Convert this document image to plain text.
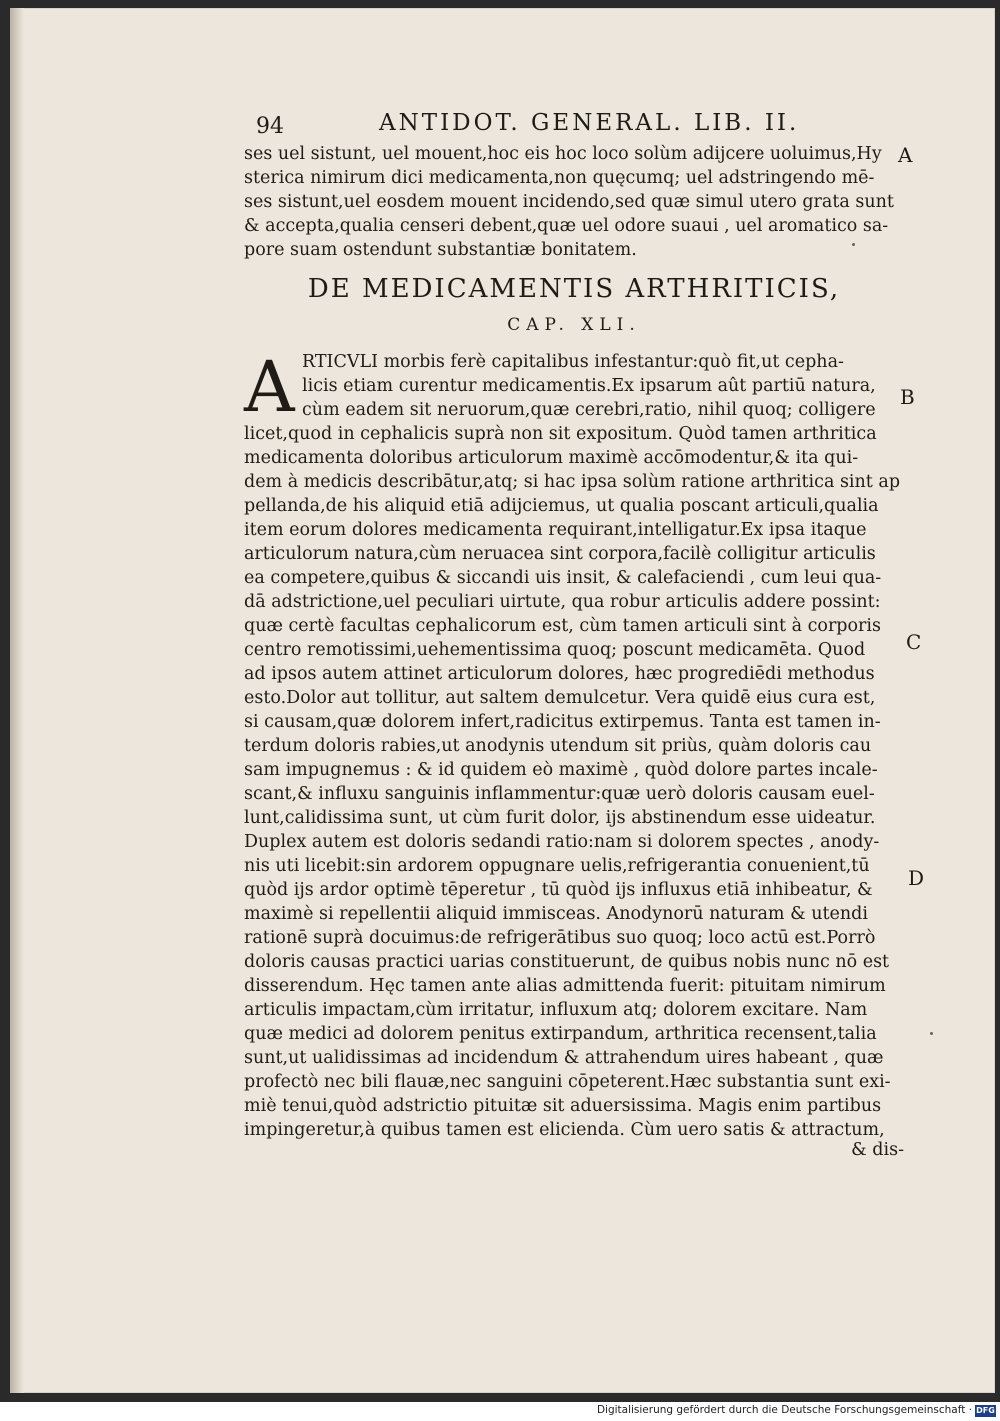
94	ANTIDOT. GENERAL. LIB. II.
ses uel sistunt, uel mouent,hoc eis hoc loco solùm adijcere uoluimus,Hy
sterica nimirum dici medicamenta,non quęcumq; uel adstringendo mē-
ses sistunt,uel eosdem mouent incidendo,sed quæ simul utero grata sunt
& accepta,qualia censeri debent,quæ uel odore suaui , uel aromatico sa-
pore suam ostendunt substantiæ bonitatem.
DE MEDICAMENTIS ARTHRITICIS,
CAP. XLI.
RTICVLI morbis ferè capitalibus infestantur:quò fit,ut cepha-
licis etiam curentur medicamentis.Ex ipsarum aût partiū natura,
cùm eadem sit neruorum,quæ cerebri,ratio, nihil quoq; colligere
licet,quod in cephalicis suprà non sit expositum. Quòd tamen arthritica
medicamenta doloribus articulorum maximè accōmodentur,& ita qui-
dem à medicis describātur,atq; si hac ipsa solùm ratione arthritica sint ap
pellanda,de his aliquid etiā adijciemus, ut qualia poscant articuli,qualia
item eorum dolores medicamenta requirant,intelligatur.Ex ipsa itaque
articulorum natura,cùm neruacea sint corpora,facilè colligitur articulis
ea competere,quibus & siccandi uis insit, & calefaciendi , cum leui qua-
dā adstrictione,uel peculiari uirtute, qua robur articulis addere possint:
quæ certè facultas cephalicorum est, cùm tamen articuli sint à corporis
centro remotissimi,uehementissima quoq; poscunt medicamēta. Quod
ad ipsos autem attinet articulorum dolores, hæc progrediēdi methodus
esto.Dolor aut tollitur, aut saltem demulcetur. Vera quidē eius cura est,
si causam,quæ dolorem infert,radicitus extirpemus. Tanta est tamen in-
terdum doloris rabies,ut anodynis utendum sit priùs, quàm doloris cau
sam impugnemus : & id quidem eò maximè , quòd dolore partes incale-
scant,& influxu sanguinis inflammentur:quæ uerò doloris causam euel-
lunt,calidissima sunt, ut cùm furit dolor, ijs abstinendum esse uideatur.
Duplex autem est doloris sedandi ratio:nam si dolorem spectes , anody-
nis uti licebit:sin ardorem oppugnare uelis,refrigerantia conuenient,tū
quòd ijs ardor optimè tēperetur , tū quòd ijs influxus etiā inhibeatur, &
maximè si repellentii aliquid immisceas. Anodynorū naturam & utendi
rationē suprà docuimus:de refrigerātibus suo quoq; loco actū est.Porrò
doloris causas practici uarias constituerunt, de quibus nobis nunc nō est
disserendum. Hęc tamen ante alias admittenda fuerit: pituitam nimirum
articulis impactam,cùm irritatur, influxum atq; dolorem excitare. Nam
quæ medici ad dolorem penitus extirpandum, arthritica recensent,talia
sunt,ut ualidissimas ad incidendum & attrahendum uires habeant , quæ
profectò nec bili flauæ,nec sanguini cōpeterent.Hæc substantia sunt exi-
miè tenui,quòd adstrictio pituitæ sit aduersissima. Magis enim partibus
impingeretur,à quibus tamen est elicienda. Cùm uero satis & attractum,
& dis-
A
A
B
C
D
Digitalisierung gefördert durch die Deutsche Forschungsgemeinschaft · DFG
